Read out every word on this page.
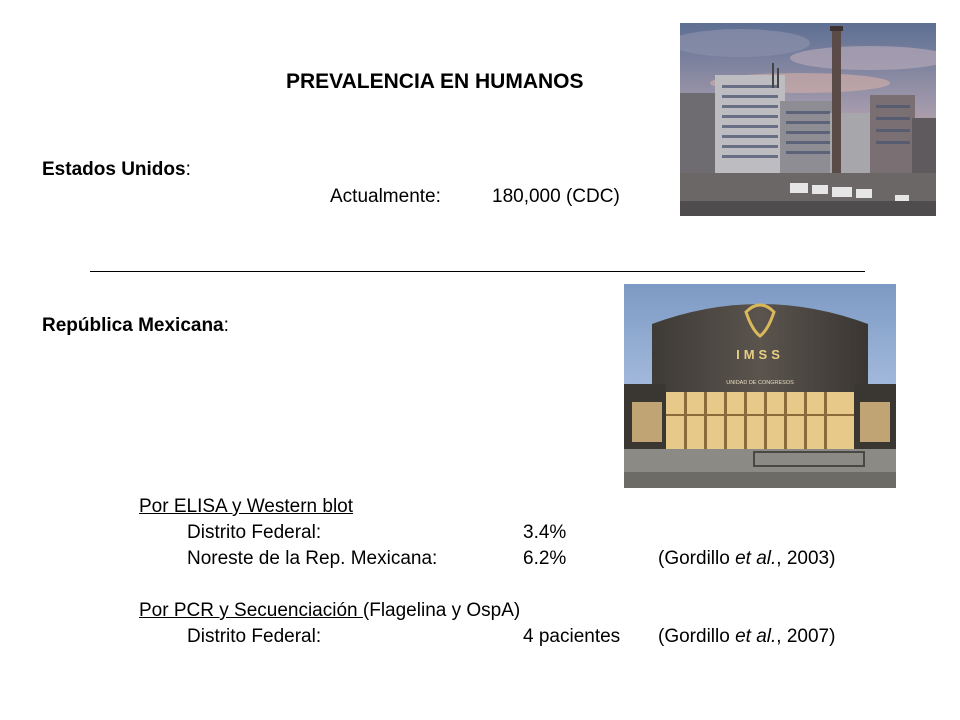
PREVALENCIA EN HUMANOS
Estados Unidos:
Actualmente:	180,000 (CDC)
IMSS
UNIDAD DE CONGRESOS
República Mexicana:
Por ELISA y Western blot
Distrito Federal:	3.4%
Noreste de la Rep. Mexicana:	6.2%	(Gordillo et al., 2003)
Por PCR y Secuenciación (Flagelina y OspA)
Distrito Federal:	4 pacientes (Gordillo et al., 2007)
